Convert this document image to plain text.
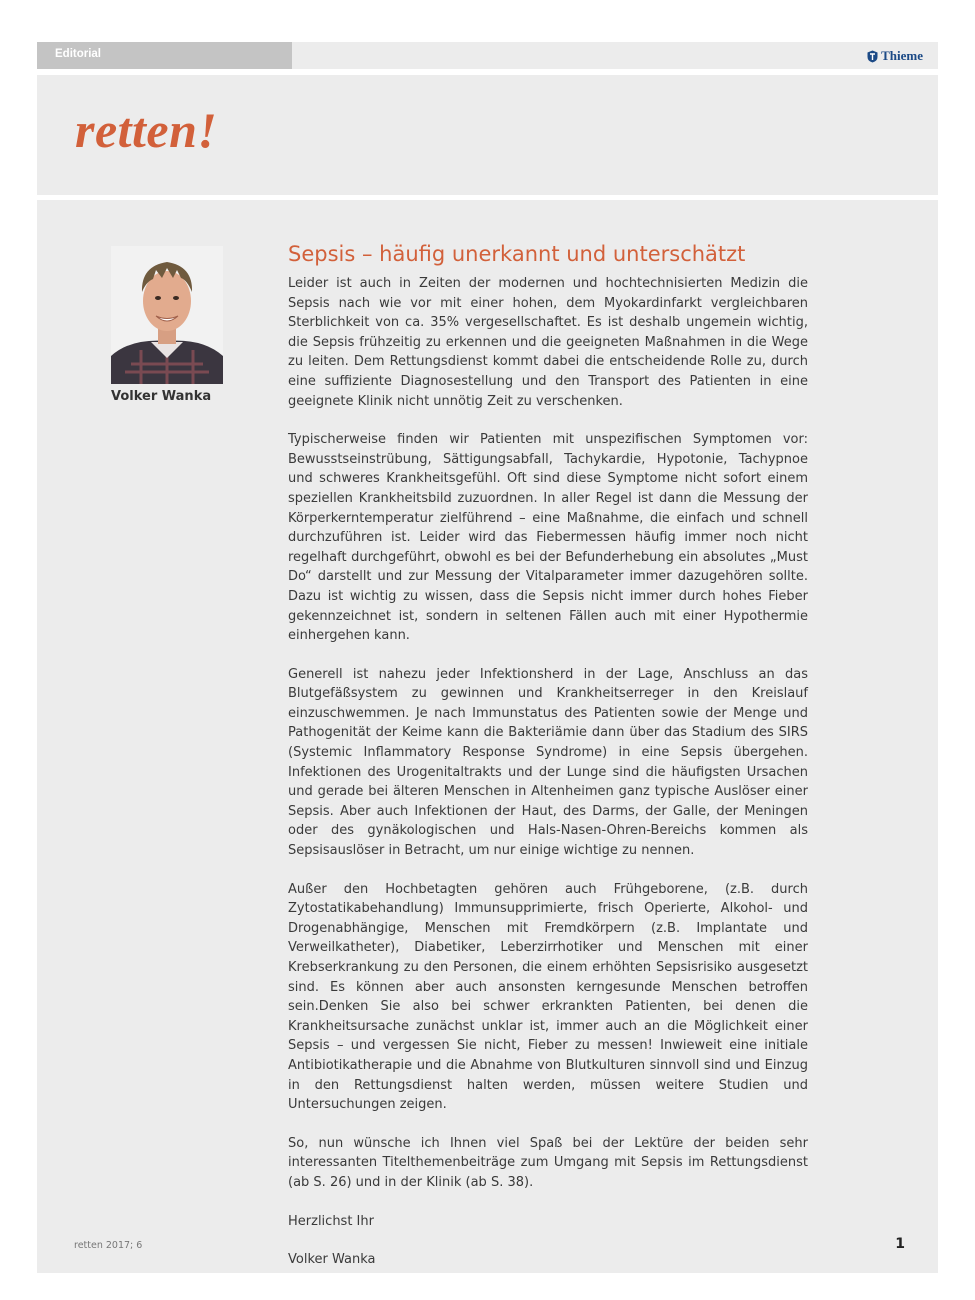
Editorial	Thieme
retten!
Volker Wanka
Sepsis – häufig unerkannt und unterschätzt

Leider ist auch in Zeiten der modernen und hochtechnisierten Medizin die Sepsis nach wie vor mit einer hohen, dem Myokardinfarkt vergleichbaren Sterblichkeit von ca. 35% vergesellschaftet. Es ist deshalb ungemein wichtig, die Sepsis frühzeitig zu erkennen und die geeigneten Maßnahmen in die Wege zu leiten. Dem Rettungsdienst kommt dabei die entscheidende Rolle zu, durch eine suffiziente Diagnosestellung und den Transport des Patienten in eine geeignete Klinik nicht unnötig Zeit zu verschenken.

Typischerweise finden wir Patienten mit unspezifischen Symptomen vor: Bewusstseinstrübung, Sättigungsabfall, Tachykardie, Hypotonie, Tachypnoe und schweres Krankheitsgefühl. Oft sind diese Symptome nicht sofort einem speziellen Krankheitsbild zuzuordnen. In aller Regel ist dann die Messung der Körperkerntemperatur zielführend – eine Maßnahme, die einfach und schnell durchzuführen ist. Leider wird das Fiebermessen häufig immer noch nicht regelhaft durchgeführt, obwohl es bei der Befunderhebung ein absolutes „Must Do“ darstellt und zur Messung der Vitalparameter immer dazugehören sollte. Dazu ist wichtig zu wissen, dass die Sepsis nicht immer durch hohes Fieber gekennzeichnet ist, sondern in seltenen Fällen auch mit einer Hypothermie einhergehen kann.

Generell ist nahezu jeder Infektionsherd in der Lage, Anschluss an das Blutgefäßsystem zu gewinnen und Krankheitserreger in den Kreislauf einzuschwemmen. Je nach Immunstatus des Patienten sowie der Menge und Pathogenität der Keime kann die Bakteriämie dann über das Stadium des SIRS (Systemic Inflammatory Response Syndrome) in eine Sepsis übergehen. Infektionen des Urogenitaltrakts und der Lunge sind die häufigsten Ursachen und gerade bei älteren Menschen in Altenheimen ganz typische Auslöser einer Sepsis. Aber auch Infektionen der Haut, des Darms, der Galle, der Meningen oder des gynäkologischen und Hals-Nasen-Ohren-Bereichs kommen als Sepsisauslöser in Betracht, um nur einige wichtige zu nennen.

Außer den Hochbetagten gehören auch Frühgeborene, (z.B. durch Zytostatikabehandlung) Immunsupprimierte, frisch Operierte, Alkohol- und Drogenabhängige, Menschen mit Fremdkörpern (z.B. Implantate und Verweilkatheter), Diabetiker, Leberzirrhotiker und Menschen mit einer Krebserkrankung zu den Personen, die einem erhöhten Sepsisrisiko ausgesetzt sind. Es können aber auch ansonsten kerngesunde Menschen betroffen sein.Denken Sie also bei schwer erkrankten Patienten, bei denen die Krankheitsursache zunächst unklar ist, immer auch an die Möglichkeit einer Sepsis – und vergessen Sie nicht, Fieber zu messen! Inwieweit eine initiale Antibiotikatherapie und die Abnahme von Blutkulturen sinnvoll sind und Einzug in den Rettungsdienst halten werden, müssen weitere Studien und Untersuchungen zeigen.

So, nun wünsche ich Ihnen viel Spaß bei der Lektüre der beiden sehr interessanten Titelthemenbeiträge zum Umgang mit Sepsis im Rettungsdienst (ab S. 26) und in der Klinik (ab S. 38).

Herzlichst Ihr

Volker Wanka

retten 2017; 6	1
